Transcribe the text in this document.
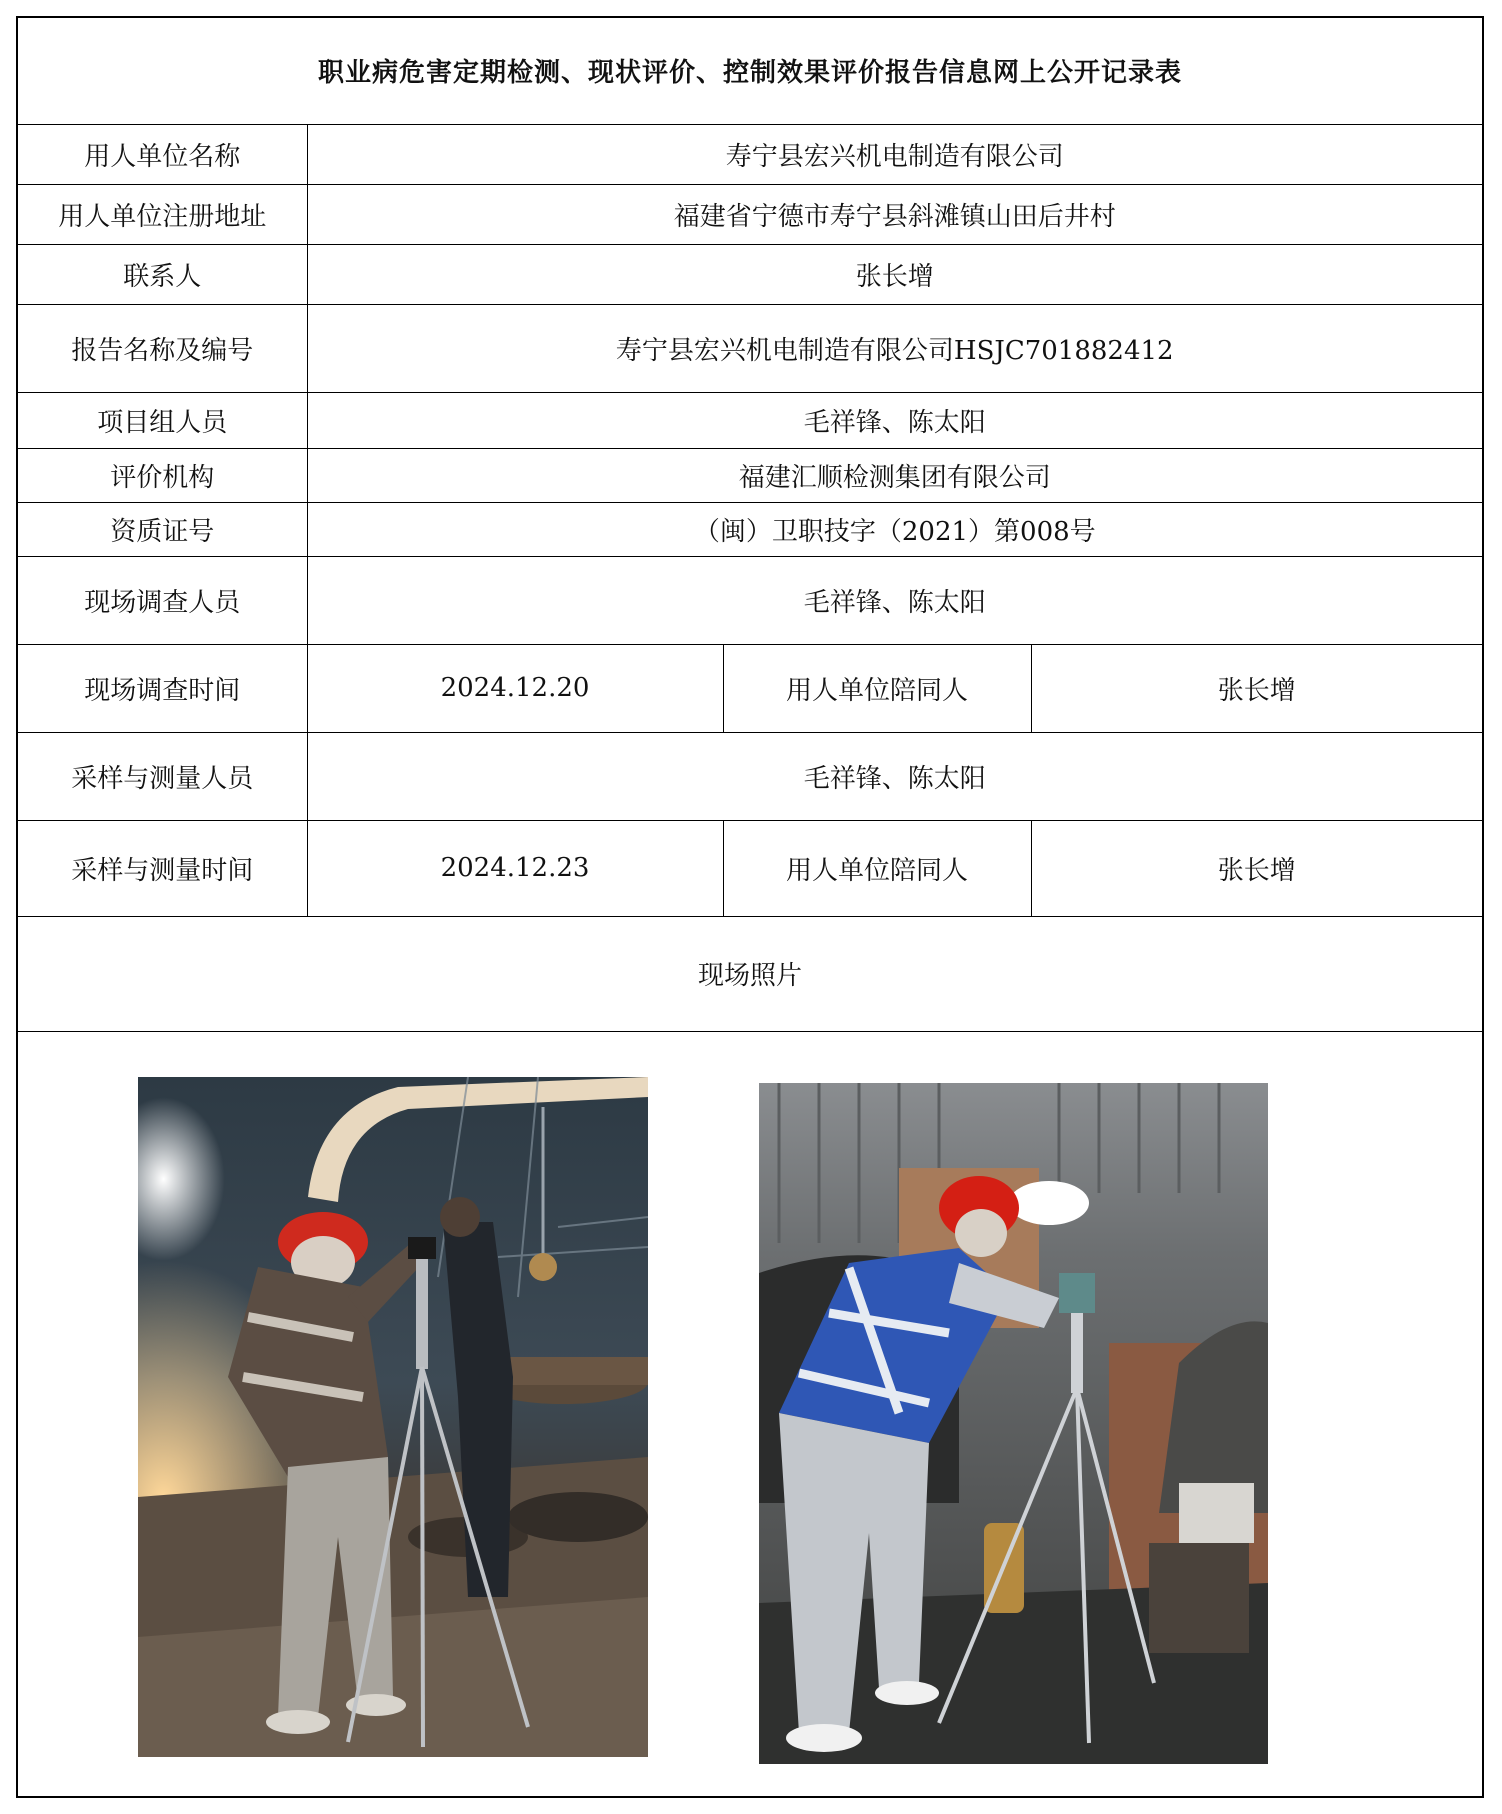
职业病危害定期检测、现状评价、控制效果评价报告信息网上公开记录表			
用人单位名称	寿宁县宏兴机电制造有限公司		
用人单位注册地址	福建省宁德市寿宁县斜滩镇山田后井村		
联系人	张长增		
报告名称及编号	寿宁县宏兴机电制造有限公司HSJC701882412		
项目组人员	毛祥锋、陈太阳		
评价机构	福建汇顺检测集团有限公司		
资质证号	（闽）卫职技字（2021）第008号		
现场调查人员	毛祥锋、陈太阳		
现场调查时间	2024.12.20	用人单位陪同人	张长增
采样与测量人员	毛祥锋、陈太阳		
采样与测量时间	2024.12.23	用人单位陪同人	张长增
现场照片			
